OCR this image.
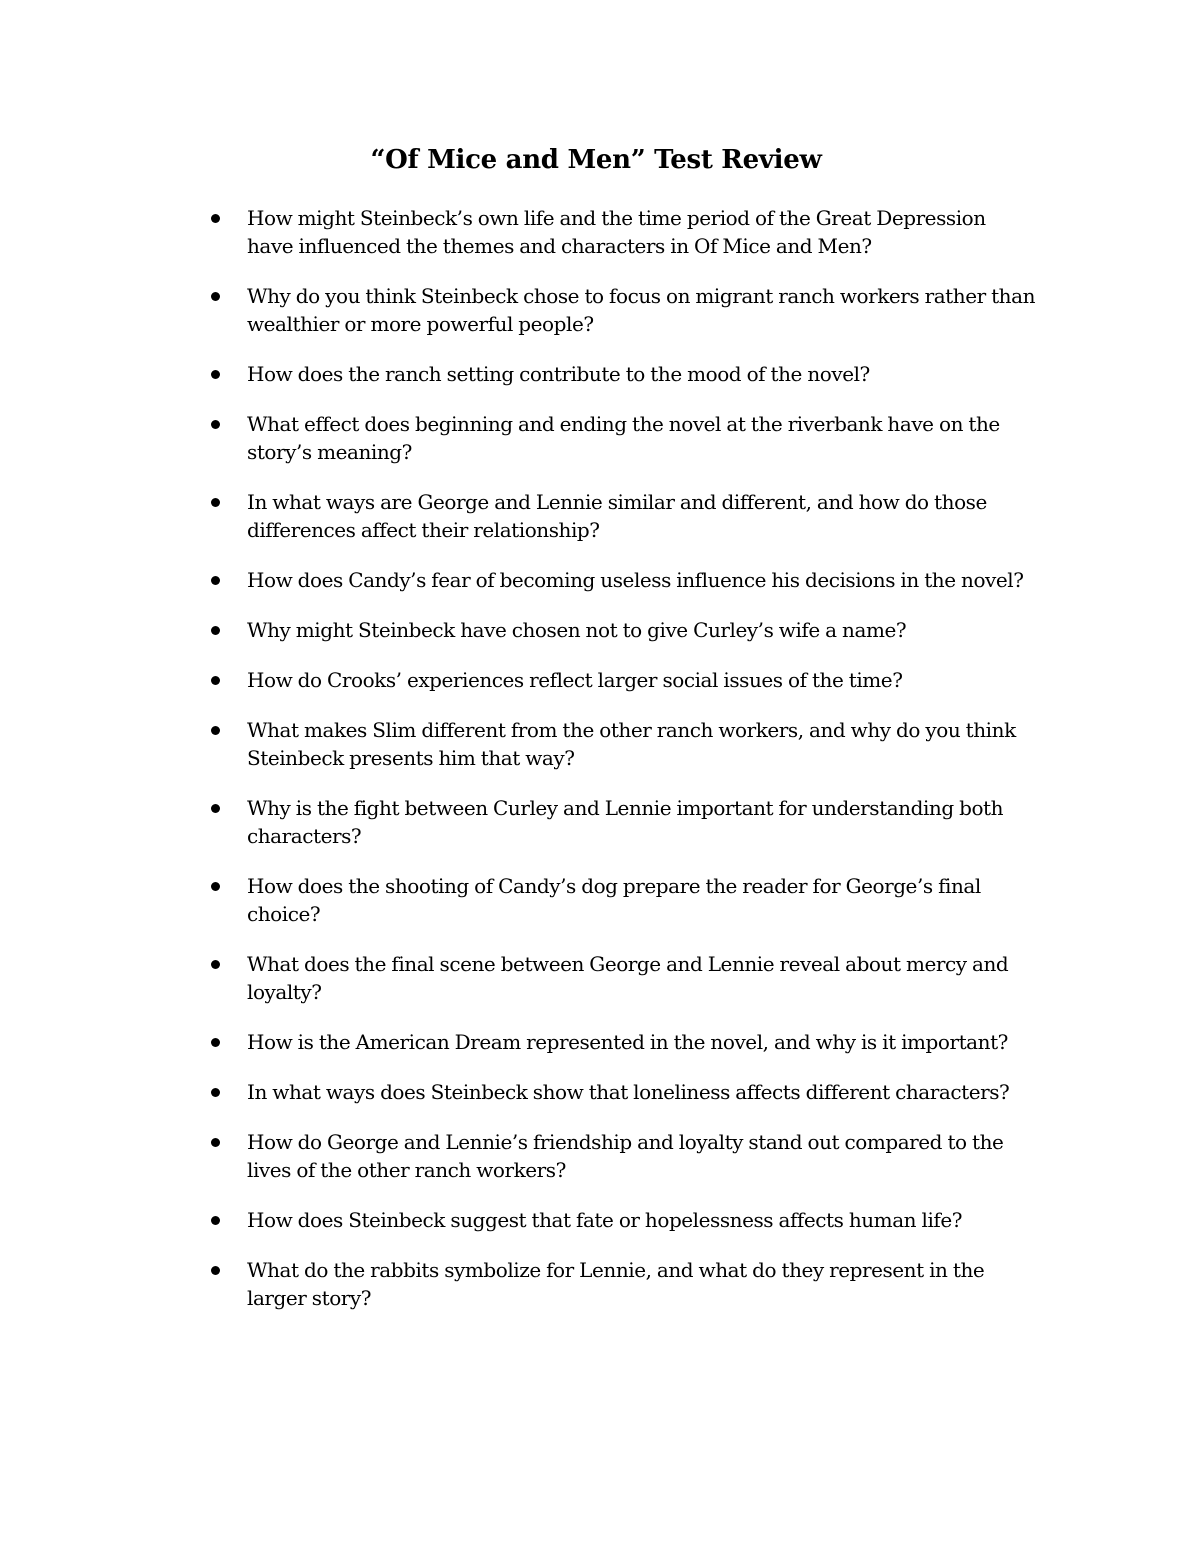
“Of Mice and Men” Test Review
How might Steinbeck’s own life and the time period of the Great Depression have influenced the themes and characters in Of Mice and Men?
Why do you think Steinbeck chose to focus on migrant ranch workers rather than wealthier or more powerful people?
How does the ranch setting contribute to the mood of the novel?
What effect does beginning and ending the novel at the riverbank have on the story’s meaning?
In what ways are George and Lennie similar and different, and how do those differences affect their relationship?
How does Candy’s fear of becoming useless influence his decisions in the novel?
Why might Steinbeck have chosen not to give Curley’s wife a name?
How do Crooks’ experiences reflect larger social issues of the time?
What makes Slim different from the other ranch workers, and why do you think Steinbeck presents him that way?
Why is the fight between Curley and Lennie important for understanding both characters?
How does the shooting of Candy’s dog prepare the reader for George’s final choice?
What does the final scene between George and Lennie reveal about mercy and loyalty?
How is the American Dream represented in the novel, and why is it important?
In what ways does Steinbeck show that loneliness affects different characters?
How do George and Lennie’s friendship and loyalty stand out compared to the lives of the other ranch workers?
How does Steinbeck suggest that fate or hopelessness affects human life?
What do the rabbits symbolize for Lennie, and what do they represent in the larger story?
